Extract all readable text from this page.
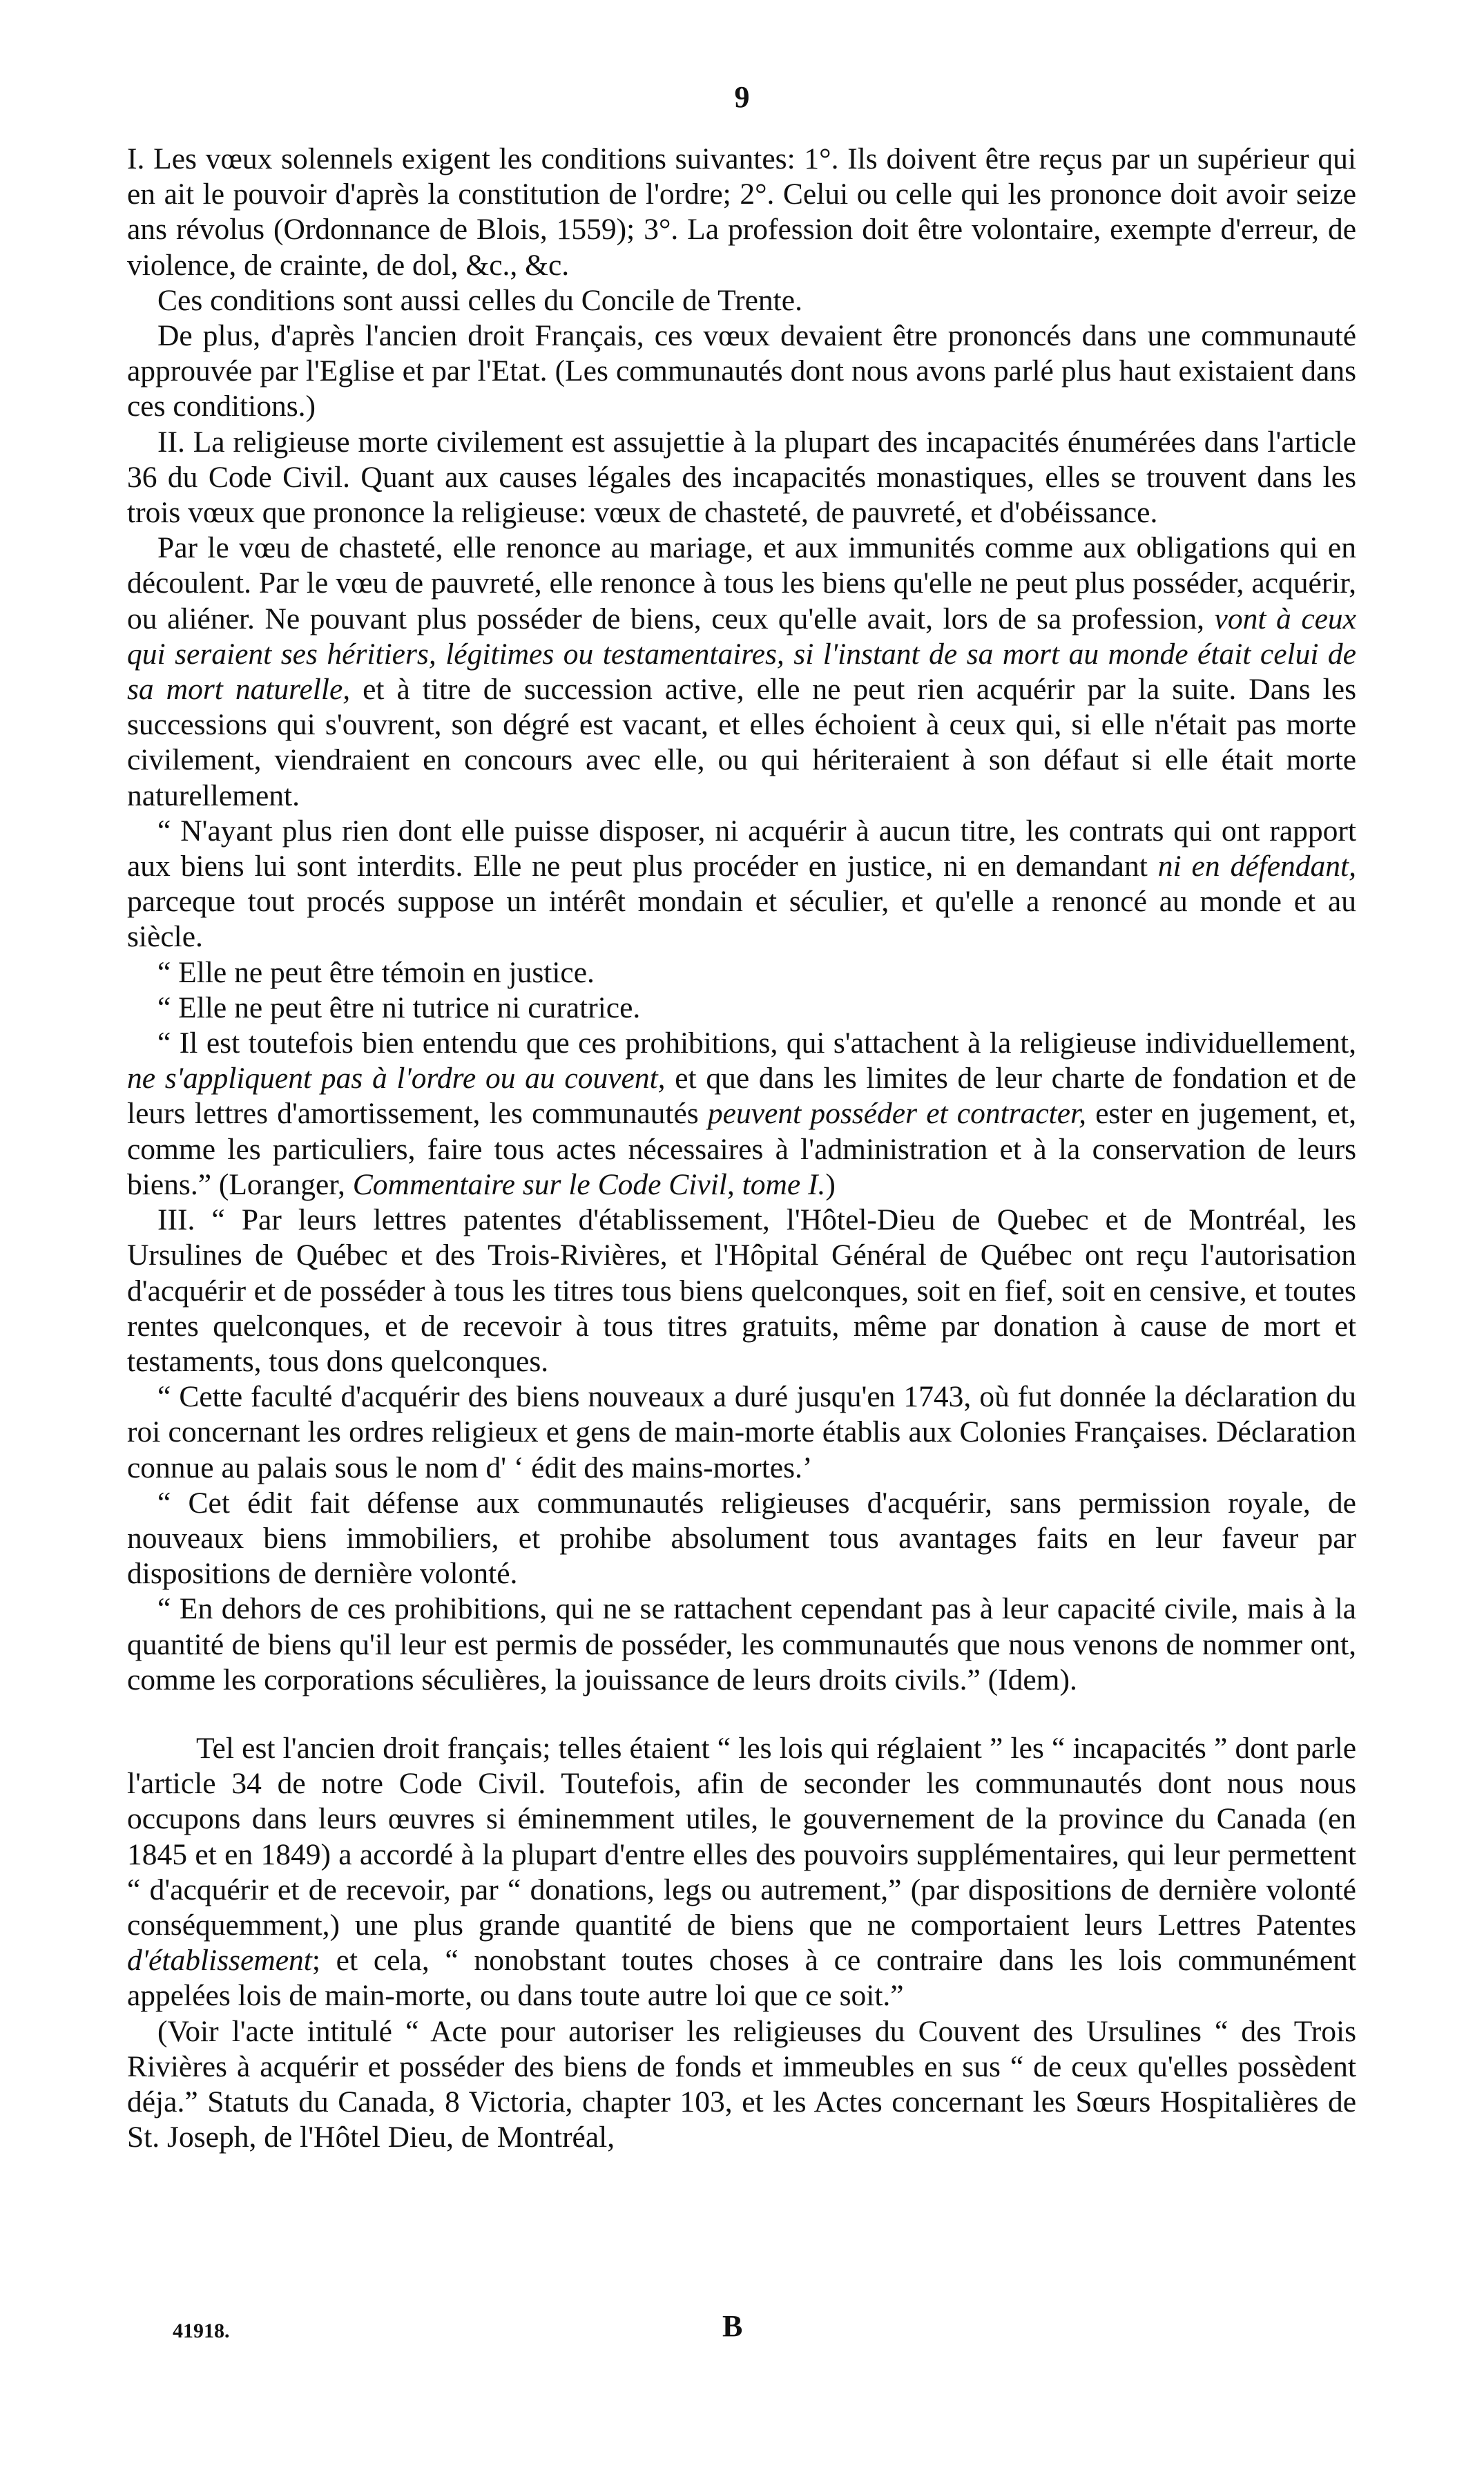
9

I. Les vœux solennels exigent les conditions suivantes: 1°. Ils doivent être reçus par un supérieur qui en ait le pouvoir d'après la constitution de l'ordre; 2°. Celui ou celle qui les prononce doit avoir seize ans révolus (Ordonnance de Blois, 1559); 3°. La profession doit être volontaire, exempte d'erreur, de violence, de crainte, de dol, &c., &c.

Ces conditions sont aussi celles du Concile de Trente.

De plus, d'après l'ancien droit Français, ces vœux devaient être prononcés dans une communauté approuvée par l'Eglise et par l'Etat. (Les communautés dont nous avons parlé plus haut existaient dans ces conditions.)

II. La religieuse morte civilement est assujettie à la plupart des incapacités énumérées dans l'article 36 du Code Civil. Quant aux causes légales des incapacités monastiques, elles se trouvent dans les trois vœux que prononce la religieuse: vœux de chasteté, de pauvreté, et d'obéissance.

Par le vœu de chasteté, elle renonce au mariage, et aux immunités comme aux obligations qui en découlent. Par le vœu de pauvreté, elle renonce à tous les biens qu'elle ne peut plus posséder, acquérir, ou aliéner. Ne pouvant plus posséder de biens, ceux qu'elle avait, lors de sa profession, vont à ceux qui seraient ses héritiers, légitimes ou testamentaires, si l'instant de sa mort au monde était celui de sa mort naturelle, et à titre de succession active, elle ne peut rien acquérir par la suite. Dans les successions qui s'ouvrent, son dégré est vacant, et elles échoient à ceux qui, si elle n'était pas morte civilement, viendraient en concours avec elle, ou qui hériteraient à son défaut si elle était morte naturellement.

“ N'ayant plus rien dont elle puisse disposer, ni acquérir à aucun titre, les contrats qui ont rapport aux biens lui sont interdits. Elle ne peut plus procéder en justice, ni en demandant ni en défendant, parceque tout procés suppose un intérêt mondain et séculier, et qu'elle a renoncé au monde et au siècle.

“ Elle ne peut être témoin en justice.

“ Elle ne peut être ni tutrice ni curatrice.

“ Il est toutefois bien entendu que ces prohibitions, qui s'attachent à la religieuse individuellement, ne s'appliquent pas à l'ordre ou au couvent, et que dans les limites de leur charte de fondation et de leurs lettres d'amortissement, les communautés peuvent posséder et contracter, ester en jugement, et, comme les particuliers, faire tous actes nécessaires à l'administration et à la conservation de leurs biens.” (Loranger, Commentaire sur le Code Civil, tome I.)

III. “ Par leurs lettres patentes d'établissement, l'Hôtel-Dieu de Quebec et de Montréal, les Ursulines de Québec et des Trois-Rivières, et l'Hôpital Général de Québec ont reçu l'autorisation d'acquérir et de posséder à tous les titres tous biens quelconques, soit en fief, soit en censive, et toutes rentes quelconques, et de recevoir à tous titres gratuits, même par donation à cause de mort et testaments, tous dons quelconques.

“ Cette faculté d'acquérir des biens nouveaux a duré jusqu'en 1743, où fut donnée la déclaration du roi concernant les ordres religieux et gens de main-morte établis aux Colonies Françaises. Déclaration connue au palais sous le nom d' ‘ édit des mains-mortes.’

“ Cet édit fait défense aux communautés religieuses d'acquérir, sans permission royale, de nouveaux biens immobiliers, et prohibe absolument tous avantages faits en leur faveur par dispositions de dernière volonté.

“ En dehors de ces prohibitions, qui ne se rattachent cependant pas à leur capacité civile, mais à la quantité de biens qu'il leur est permis de posséder, les communautés que nous venons de nommer ont, comme les corporations séculières, la jouissance de leurs droits civils.” (Idem).

Tel est l'ancien droit français; telles étaient “ les lois qui réglaient ” les “ incapacités ” dont parle l'article 34 de notre Code Civil. Toutefois, afin de seconder les communautés dont nous nous occupons dans leurs œuvres si éminemment utiles, le gouvernement de la province du Canada (en 1845 et en 1849) a accordé à la plupart d'entre elles des pouvoirs supplémentaires, qui leur permettent “ d'acquérir et de recevoir, par “ donations, legs ou autrement,” (par dispositions de dernière volonté conséquemment,) une plus grande quantité de biens que ne comportaient leurs Lettres Patentes d'établissement; et cela, “ nonobstant toutes choses à ce contraire dans les lois communément appelées lois de main-morte, ou dans toute autre loi que ce soit.”

(Voir l'acte intitulé “ Acte pour autoriser les religieuses du Couvent des Ursulines “ des Trois Rivières à acquérir et posséder des biens de fonds et immeubles en sus “ de ceux qu'elles possèdent déja.” Statuts du Canada, 8 Victoria, chapter 103, et les Actes concernant les Sœurs Hospitalières de St. Joseph, de l'Hôtel Dieu, de Montréal,

41918.	B
